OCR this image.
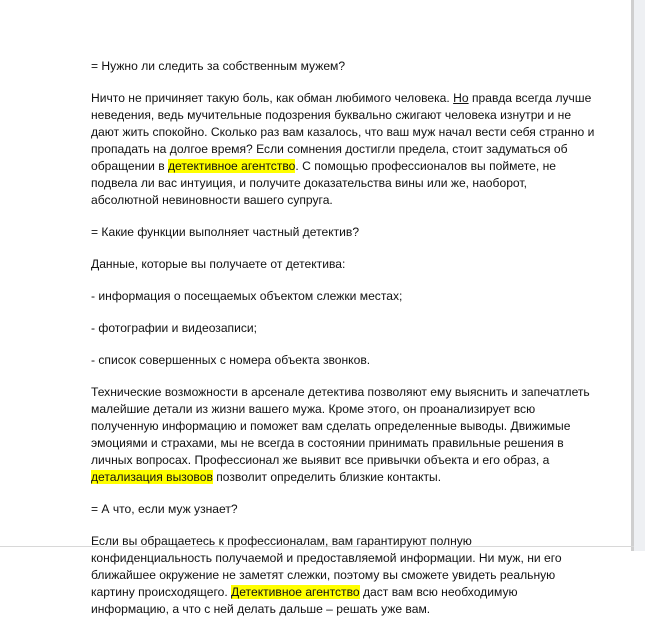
= Нужно ли следить за собственным мужем?

Ничто не причиняет такую боль, как обман любимого человека. Но правда всегда лучше неведения, ведь мучительные подозрения буквально сжигают человека изнутри и не дают жить спокойно. Сколько раз вам казалось, что ваш муж начал вести себя странно и пропадать на долгое время? Если сомнения достигли предела, стоит задуматься об обращении в детективное агентство. С помощью профессионалов вы поймете, не подвела ли вас интуиция, и получите доказательства вины или же, наоборот, абсолютной невиновности вашего супруга.

= Какие функции выполняет частный детектив?

Данные, которые вы получаете от детектива:

- информация о посещаемых объектом слежки местах;

- фотографии и видеозаписи;

- список совершенных с номера объекта звонков.

Технические возможности в арсенале детектива позволяют ему выяснить и запечатлеть малейшие детали из жизни вашего мужа. Кроме этого, он проанализирует всю полученную информацию и поможет вам сделать определенные выводы. Движимые эмоциями и страхами, мы не всегда в состоянии принимать правильные решения в личных вопросах. Профессионал же выявит все привычки объекта и его образ, а детализация вызовов позволит определить близкие контакты.

= А что, если муж узнает?

Если вы обращаетесь к профессионалам, вам гарантируют полную конфиденциальность получаемой и предоставляемой информации. Ни муж, ни его ближайшее окружение не заметят слежки, поэтому вы сможете увидеть реальную картину происходящего. Детективное агентство даст вам всю необходимую информацию, а что с ней делать дальше – решать уже вам.
